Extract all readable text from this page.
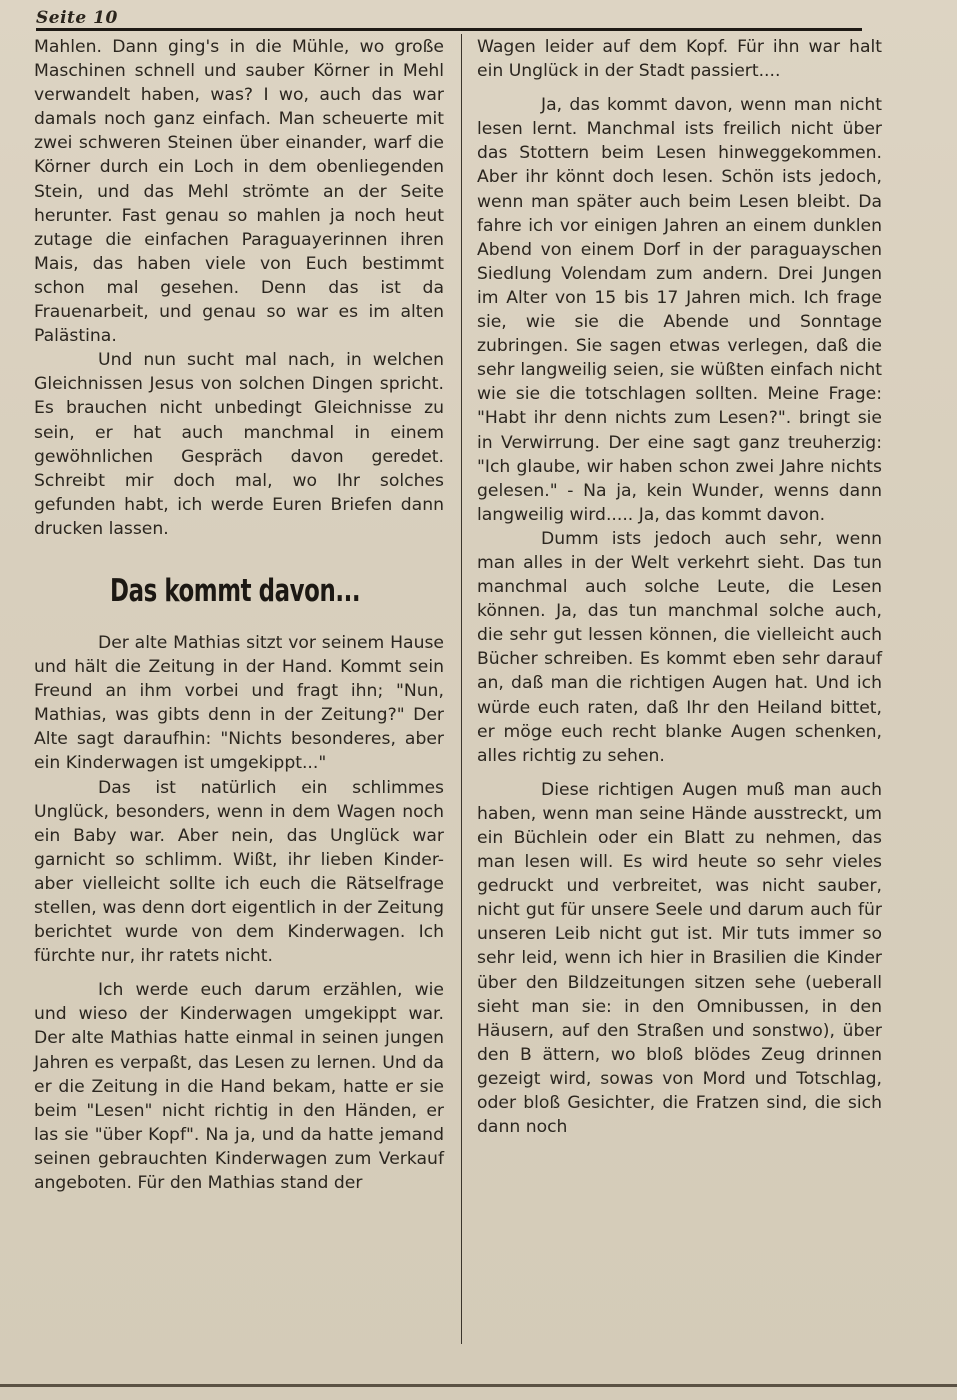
Seite 10

Mahlen. Dann ging's in die Mühle, wo große Maschinen schnell und sauber Körner in Mehl verwandelt haben, was? I wo, auch das war damals noch ganz einfach. Man scheuerte mit zwei schweren Steinen über einander, warf die Körner durch ein Loch in dem obenliegenden Stein, und das Mehl strömte an der Seite herunter. Fast genau so mahlen ja noch heut zutage die einfachen Paraguayerinnen ihren Mais, das haben viele von Euch bestimmt schon mal gesehen. Denn das ist da Frauenarbeit, und genau so war es im alten Palästina.

Und nun sucht mal nach, in welchen Gleichnissen Jesus von solchen Dingen spricht. Es brauchen nicht unbedingt Gleichnisse zu sein, er hat auch manchmal in einem gewöhnlichen Gespräch davon geredet. Schreibt mir doch mal, wo Ihr solches gefunden habt, ich werde Euren Briefen dann drucken lassen.

Das kommt davon...

Der alte Mathias sitzt vor seinem Hause und hält die Zeitung in der Hand. Kommt sein Freund an ihm vorbei und fragt ihn; "Nun, Mathias, was gibts denn in der Zeitung?" Der Alte sagt daraufhin: "Nichts besonderes, aber ein Kinderwagen ist umgekippt..."

Das ist natürlich ein schlimmes Unglück, besonders, wenn in dem Wagen noch ein Baby war. Aber nein, das Unglück war garnicht so schlimm. Wißt, ihr lieben Kinder-aber vielleicht sollte ich euch die Rätselfrage stellen, was denn dort eigentlich in der Zeitung berichtet wurde von dem Kinderwagen. Ich fürchte nur, ihr ratets nicht.

Ich werde euch darum erzählen, wie und wieso der Kinderwagen umgekippt war. Der alte Mathias hatte einmal in seinen jungen Jahren es verpaßt, das Lesen zu lernen. Und da er die Zeitung in die Hand bekam, hatte er sie beim "Lesen" nicht richtig in den Händen, er las sie "über Kopf". Na ja, und da hatte jemand seinen gebrauchten Kinderwagen zum Verkauf angeboten. Für den Mathias stand der

Wagen leider auf dem Kopf. Für ihn war halt ein Unglück in der Stadt passiert....

Ja, das kommt davon, wenn man nicht lesen lernt. Manchmal ists freilich nicht über das Stottern beim Lesen hinweggekommen. Aber ihr könnt doch lesen. Schön ists jedoch, wenn man später auch beim Lesen bleibt. Da fahre ich vor einigen Jahren an einem dunklen Abend von einem Dorf in der paraguayschen Siedlung Volendam zum andern. Drei Jungen im Alter von 15 bis 17 Jahren mich. Ich frage sie, wie sie die Abende und Sonntage zubringen. Sie sagen etwas verlegen, daß die sehr langweilig seien, sie wüßten einfach nicht wie sie die totschlagen sollten. Meine Frage: "Habt ihr denn nichts zum Lesen?". bringt sie in Verwirrung. Der eine sagt ganz treuherzig: "Ich glaube, wir haben schon zwei Jahre nichts gelesen." - Na ja, kein Wunder, wenns dann langweilig wird..... Ja, das kommt davon.

Dumm ists jedoch auch sehr, wenn man alles in der Welt verkehrt sieht. Das tun manchmal auch solche Leute, die Lesen können. Ja, das tun manchmal solche auch, die sehr gut lessen können, die vielleicht auch Bücher schreiben. Es kommt eben sehr darauf an, daß man die richtigen Augen hat. Und ich würde euch raten, daß Ihr den Heiland bittet, er möge euch recht blanke Augen schenken, alles richtig zu sehen.

Diese richtigen Augen muß man auch haben, wenn man seine Hände ausstreckt, um ein Büchlein oder ein Blatt zu nehmen, das man lesen will. Es wird heute so sehr vieles gedruckt und verbreitet, was nicht sauber, nicht gut für unsere Seele und darum auch für unseren Leib nicht gut ist. Mir tuts immer so sehr leid, wenn ich hier in Brasilien die Kinder über den Bildzeitungen sitzen sehe (ueberall sieht man sie: in den Omnibussen, in den Häusern, auf den Straßen und sonstwo), über den B ättern, wo bloß blödes Zeug drinnen gezeigt wird, sowas von Mord und Totschlag, oder bloß Gesichter, die Fratzen sind, die sich dann noch
